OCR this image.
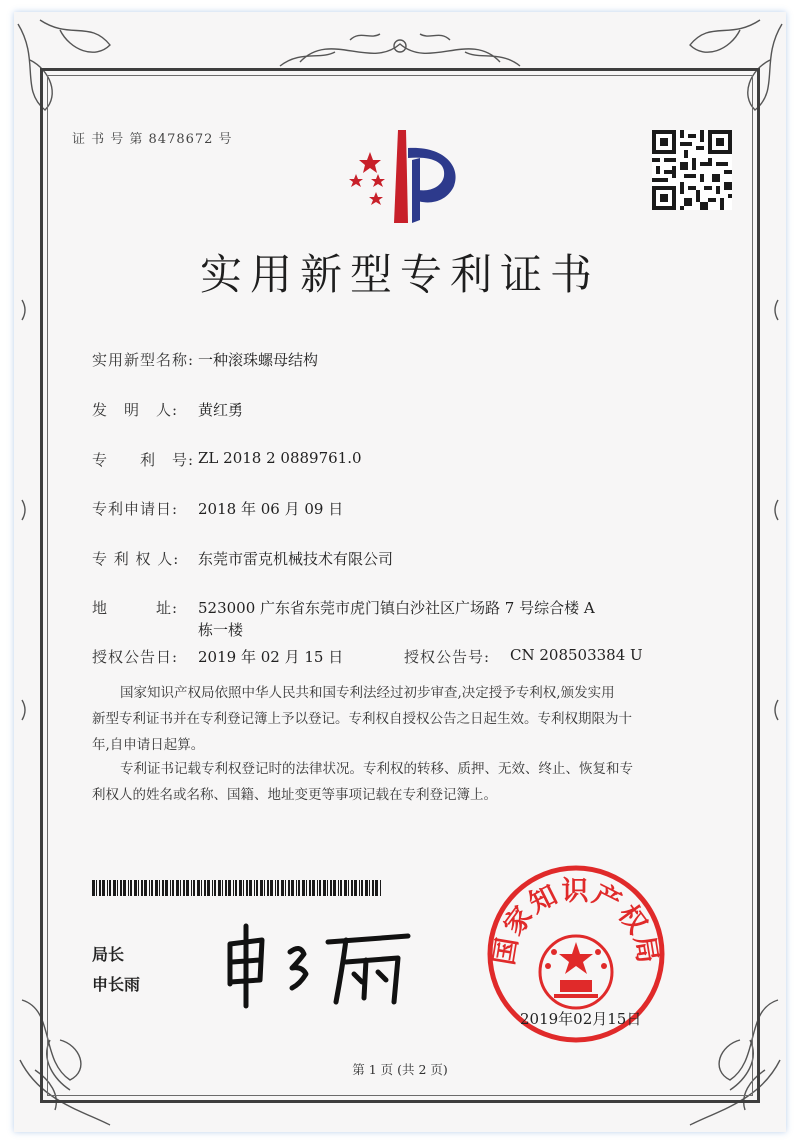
证 书 号 第 8478672 号
实用新型专利证书
实用新型名称: 一种滚珠螺母结构
发　明　人: 黄红勇
专　　利　号: ZL 2018 2 0889761.0
专利申请日: 2018 年 06 月 09 日
专 利 权 人: 东莞市雷克机械技术有限公司
地　　　址: 523000 广东省东莞市虎门镇白沙社区广场路 7 号综合楼 A
栋一楼
授权公告日: 2019 年 02 月 15 日	授权公告号: CN 208503384 U
国家知识产权局依照中华人民共和国专利法经过初步审查,决定授予专利权,颁发实用
新型专利证书并在专利登记簿上予以登记。专利权自授权公告之日起生效。专利权期限为十
年,自申请日起算。
专利证书记载专利权登记时的法律状况。专利权的转移、质押、无效、终止、恢复和专
利权人的姓名或名称、国籍、地址变更等事项记载在专利登记簿上。
局长
申长雨
国家知识产权局
2019年02月15日
第 1 页 (共 2 页)
